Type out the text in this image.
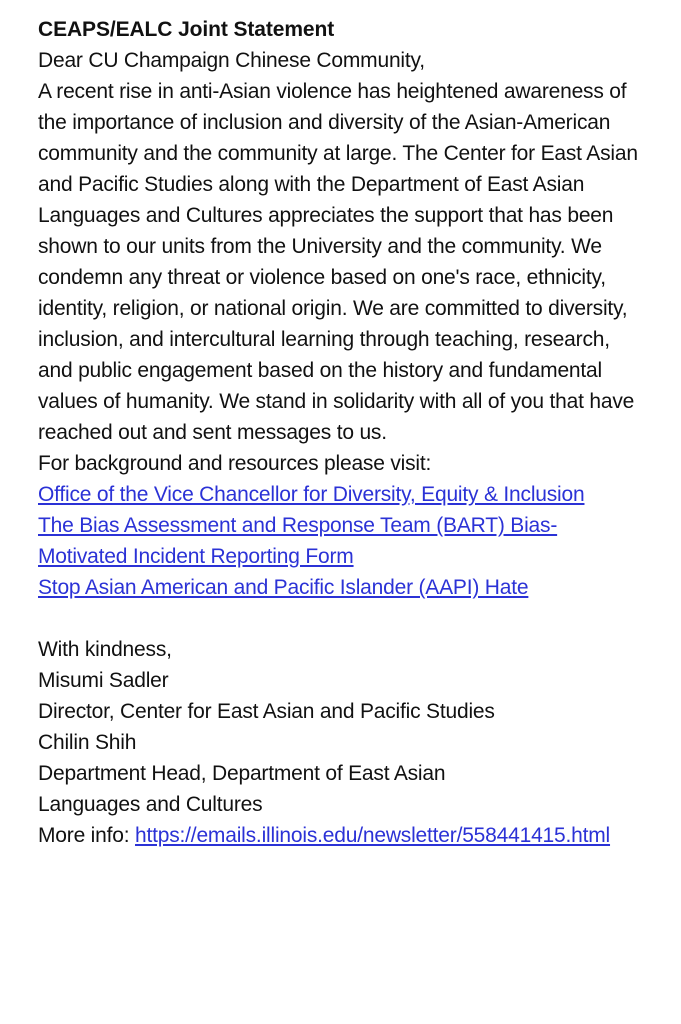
CEAPS/EALC Joint Statement

Dear CU Champaign Chinese Community,

A recent rise in anti-Asian violence has heightened awareness of the importance of inclusion and diversity of the Asian-American community and the community at large. The Center for East Asian and Pacific Studies along with the Department of East Asian Languages and Cultures appreciates the support that has been shown to our units from the University and the community. We condemn any threat or violence based on one's race, ethnicity, identity, religion, or national origin. We are committed to diversity, inclusion, and intercultural learning through teaching, research, and public engagement based on the history and fundamental values of humanity. We stand in solidarity with all of you that have reached out and sent messages to us.

For background and resources please visit:

Office of the Vice Chancellor for Diversity, Equity & Inclusion
The Bias Assessment and Response Team (BART) Bias-Motivated Incident Reporting Form
Stop Asian American and Pacific Islander (AAPI) Hate

With kindness,

Misumi Sadler

Director, Center for East Asian and Pacific Studies

Chilin Shih

Department Head, Department of East Asian

Languages and Cultures

More info: https://emails.illinois.edu/newsletter/558441415.html
